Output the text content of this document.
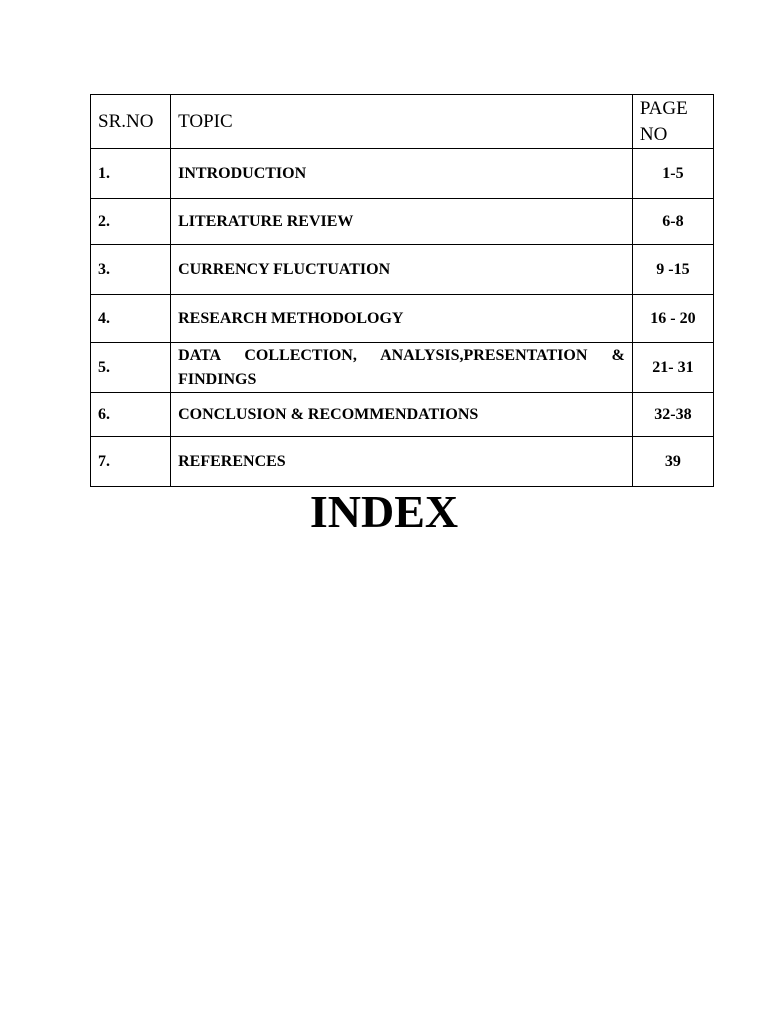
SR.NO	TOPIC	PAGE NO
1.	INTRODUCTION	1-5
2.	LITERATURE REVIEW	6-8
3.	CURRENCY FLUCTUATION	9 -15
4.	RESEARCH METHODOLOGY	16 - 20
5.	DATA COLLECTION, ANALYSIS,PRESENTATION & FINDINGS	21- 31
6.	CONCLUSION & RECOMMENDATIONS	32-38
7.	REFERENCES	39
INDEX
